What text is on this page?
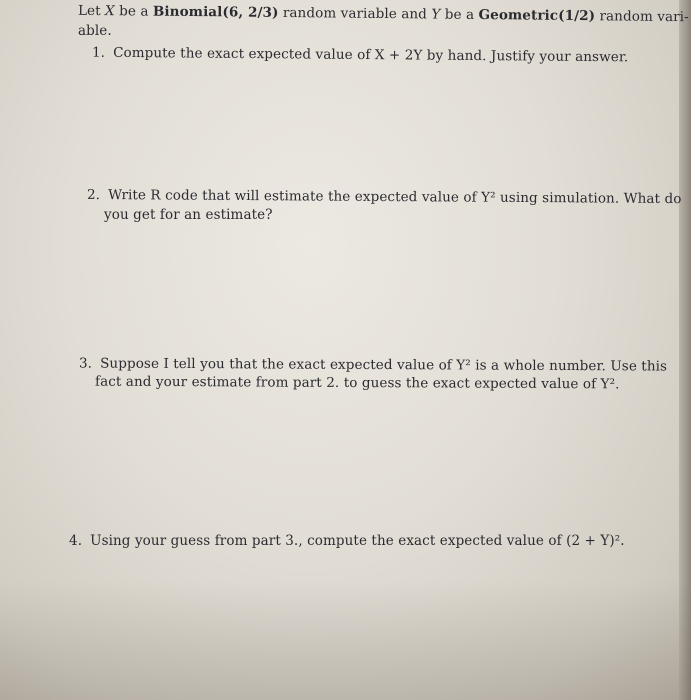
Let X be a Binomial(6, 2/3) random variable and Y be a Geometric(1/2) random vari-
able.
1. Compute the exact expected value of X + 2Y by hand. Justify your answer.
2. Write R code that will estimate the expected value of Y² using simulation. What do
you get for an estimate?
3. Suppose I tell you that the exact expected value of Y² is a whole number. Use this
fact and your estimate from part 2. to guess the exact expected value of Y².
4. Using your guess from part 3., compute the exact expected value of (2 + Y)².
